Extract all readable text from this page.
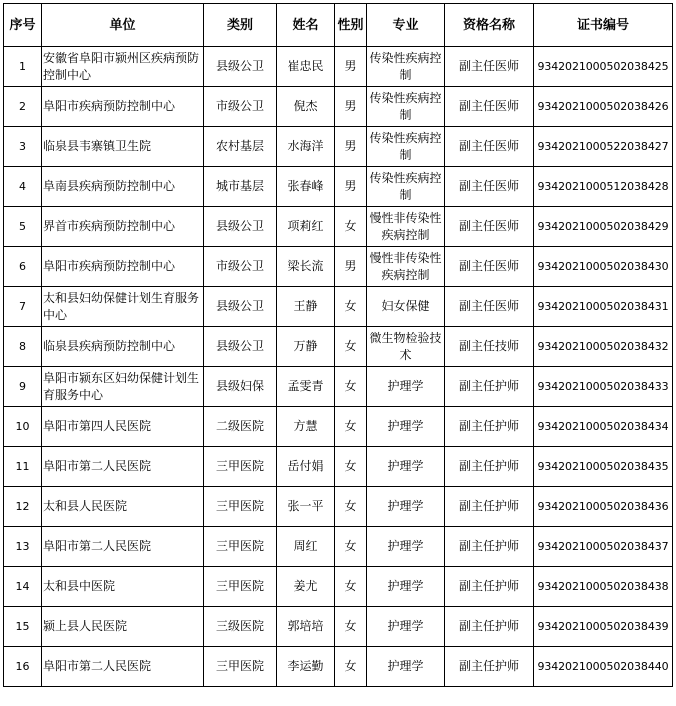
序号	单位	类别	姓名	性别	专业	资格名称	证书编号
1	安徽省阜阳市颍州区疾病预防控制中心	县级公卫	崔忠民	男	传染性疾病控制	副主任医师	9342021000502038425
2	阜阳市疾病预防控制中心	市级公卫	倪杰	男	传染性疾病控制	副主任医师	9342021000502038426
3	临泉县韦寨镇卫生院	农村基层	水海洋	男	传染性疾病控制	副主任医师	9342021000522038427
4	阜南县疾病预防控制中心	城市基层	张春峰	男	传染性疾病控制	副主任医师	9342021000512038428
5	界首市疾病预防控制中心	县级公卫	项莉红	女	慢性非传染性疾病控制	副主任医师	9342021000502038429
6	阜阳市疾病预防控制中心	市级公卫	梁长流	男	慢性非传染性疾病控制	副主任医师	9342021000502038430
7	太和县妇幼保健计划生育服务中心	县级公卫	王静	女	妇女保健	副主任医师	9342021000502038431
8	临泉县疾病预防控制中心	县级公卫	万静	女	微生物检验技术	副主任技师	9342021000502038432
9	阜阳市颍东区妇幼保健计划生育服务中心	县级妇保	孟雯青	女	护理学	副主任护师	9342021000502038433
10	阜阳市第四人民医院	二级医院	方慧	女	护理学	副主任护师	9342021000502038434
11	阜阳市第二人民医院	三甲医院	岳付娟	女	护理学	副主任护师	9342021000502038435
12	太和县人民医院	三甲医院	张一平	女	护理学	副主任护师	9342021000502038436
13	阜阳市第二人民医院	三甲医院	周红	女	护理学	副主任护师	9342021000502038437
14	太和县中医院	三甲医院	姜尤	女	护理学	副主任护师	9342021000502038438
15	颍上县人民医院	三级医院	郭培培	女	护理学	副主任护师	9342021000502038439
16	阜阳市第二人民医院	三甲医院	李运勤	女	护理学	副主任护师	9342021000502038440
